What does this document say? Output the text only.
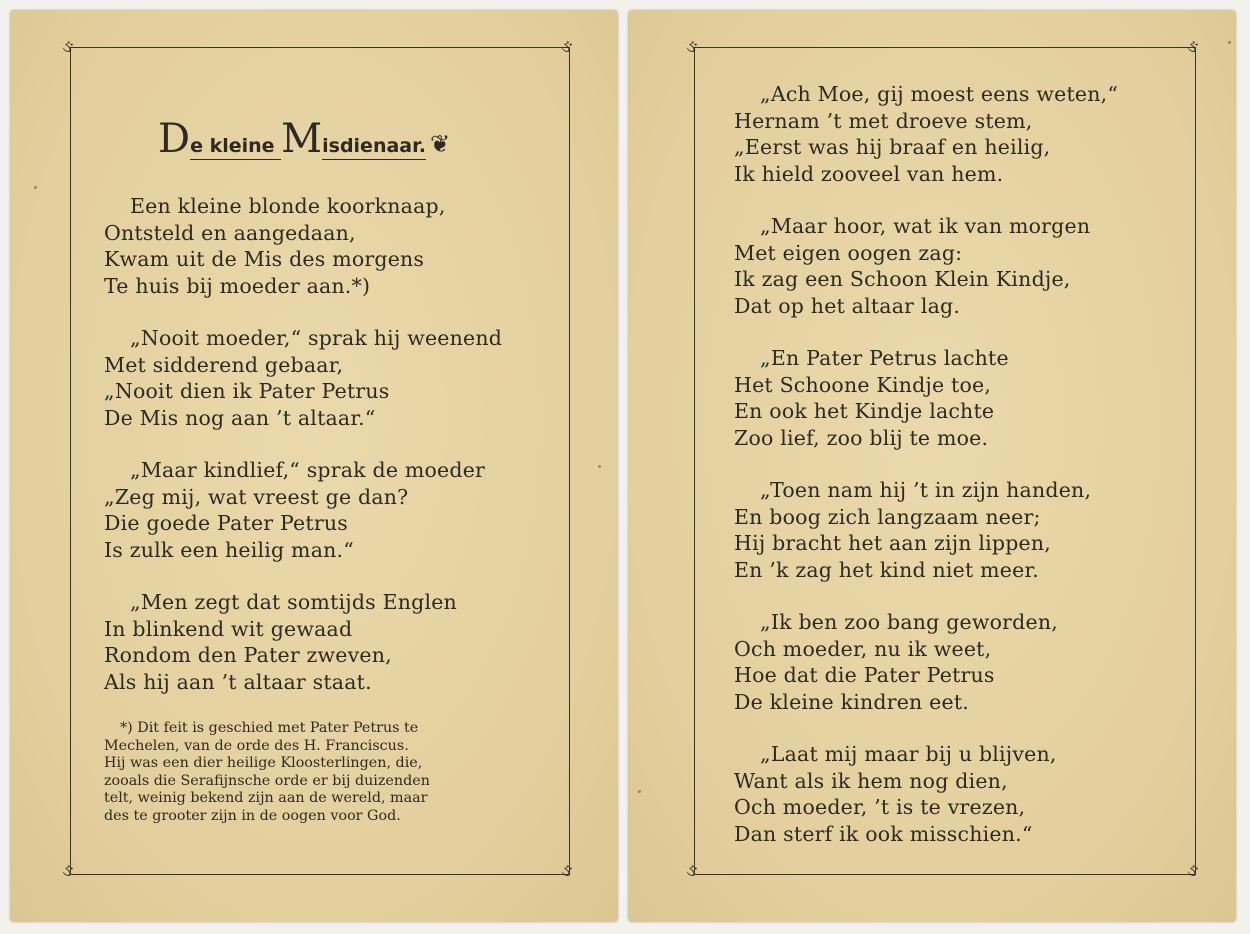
ઙ	ઙ
ઙ	ઙ
De kleine Misdienaar. ❦
Een kleine blonde koorknaap,
Ontsteld en aangedaan,
Kwam uit de Mis des morgens
Te huis bij moeder aan.*)
„Nooit moeder,“ sprak hij weenend
Met sidderend gebaar,
„Nooit dien ik Pater Petrus
De Mis nog aan ’t altaar.“
„Maar kindlief,“ sprak de moeder
„Zeg mij, wat vreest ge dan?
Die goede Pater Petrus
Is zulk een heilig man.“
„Men zegt dat somtijds Englen
In blinkend wit gewaad
Rondom den Pater zweven,
Als hij aan ’t altaar staat.
*) Dit feit is geschied met Pater Petrus te
Mechelen, van de orde des H. Franciscus.
Hij was een dier heilige Kloosterlingen, die,
zooals die Serafijnsche orde er bij duizenden
telt, weinig bekend zijn aan de wereld, maar
des te grooter zijn in de oogen voor God.
ઙ	ઙ
ઙ	ઙ
„Ach Moe, gij moest eens weten,“
Hernam ’t met droeve stem,
„Eerst was hij braaf en heilig,
Ik hield zooveel van hem.
„Maar hoor, wat ik van morgen
Met eigen oogen zag:
Ik zag een Schoon Klein Kindje,
Dat op het altaar lag.
„En Pater Petrus lachte
Het Schoone Kindje toe,
En ook het Kindje lachte
Zoo lief, zoo blij te moe.
„Toen nam hij ’t in zijn handen,
En boog zich langzaam neer;
Hij bracht het aan zijn lippen,
En ’k zag het kind niet meer.
„Ik ben zoo bang geworden,
Och moeder, nu ik weet,
Hoe dat die Pater Petrus
De kleine kindren eet.
„Laat mij maar bij u blijven,
Want als ik hem nog dien,
Och moeder, ’t is te vrezen,
Dan sterf ik ook misschien.“
